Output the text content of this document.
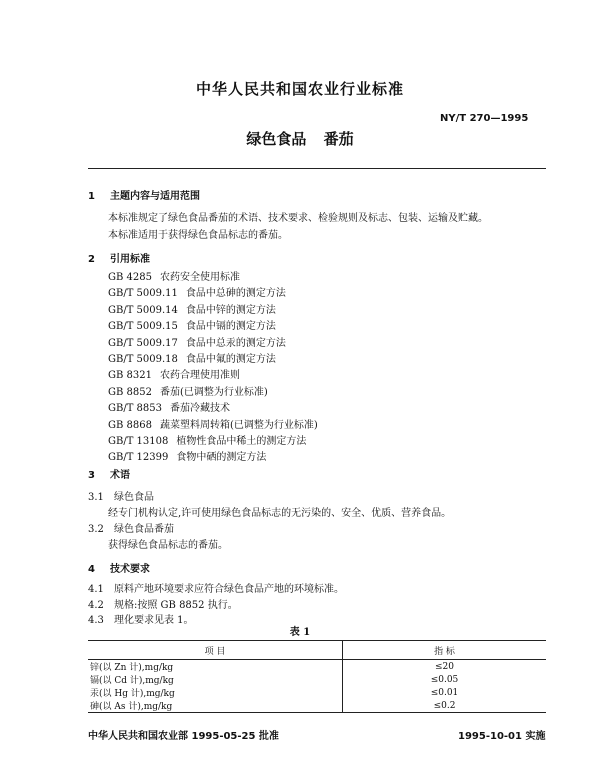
中华人民共和国农业行业标准
NY/T 270—1995
绿色食品 番茄
1 主题内容与适用范围
本标准规定了绿色食品番茄的术语、技术要求、检验规则及标志、包装、运输及贮藏。
本标准适用于获得绿色食品标志的番茄。
2 引用标准
GB 4285 农药安全使用标准
GB/T 5009.11 食品中总砷的测定方法
GB/T 5009.14 食品中锌的测定方法
GB/T 5009.15 食品中镉的测定方法
GB/T 5009.17 食品中总汞的测定方法
GB/T 5009.18 食品中氟的测定方法
GB 8321 农药合理使用准则
GB 8852 番茄(已调整为行业标准)
GB/T 8853 番茄冷藏技术
GB 8868 蔬菜塑料周转箱(已调整为行业标准)
GB/T 13108 植物性食品中稀土的测定方法
GB/T 12399 食物中硒的测定方法
3 术语
3.1 绿色食品
经专门机构认定,许可使用绿色食品标志的无污染的、安全、优质、营养食品。
3.2 绿色食品番茄
获得绿色食品标志的番茄。
4 技术要求
4.1 原料产地环境要求应符合绿色食品产地的环境标准。
4.2 规格:按照 GB 8852 执行。
4.3 理化要求见表 1。
表 1
项 目	指 标
锌(以 Zn 计),mg/kg	≤20
镉(以 Cd 计),mg/kg	≤0.05
汞(以 Hg 计),mg/kg	≤0.01
砷(以 As 计),mg/kg	≤0.2
中华人民共和国农业部 1995-05-25 批准	1995-10-01 实施
